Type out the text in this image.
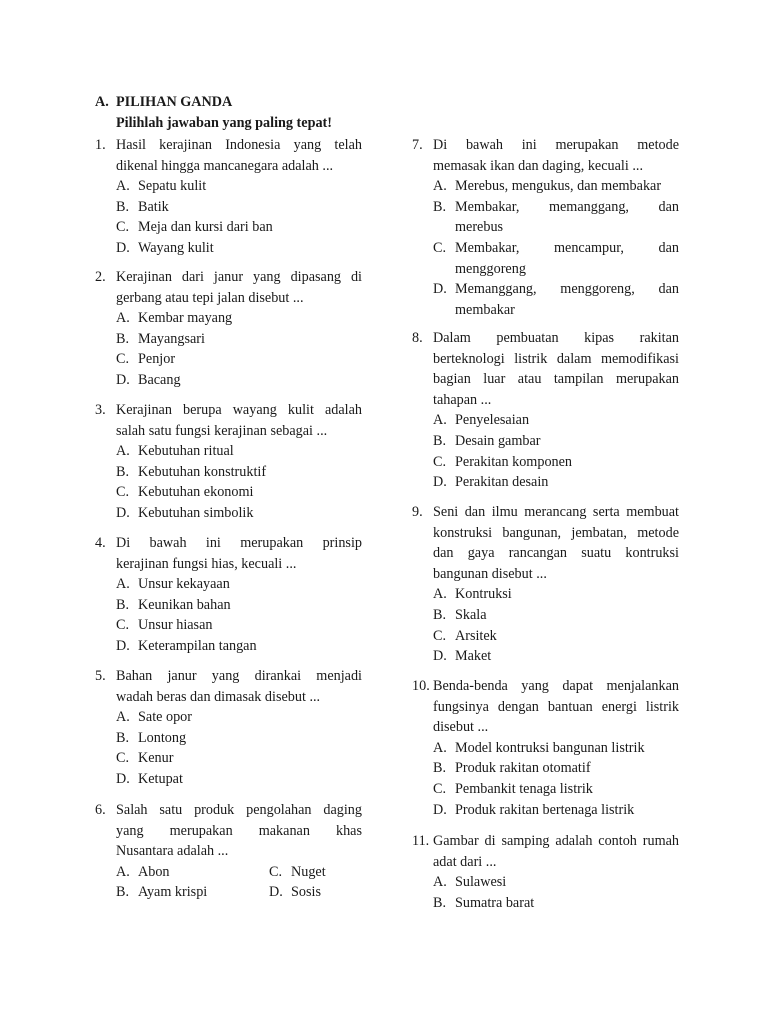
A. PILIHAN GANDA
Pilihlah jawaban yang paling tepat!
1. Hasil kerajinan Indonesia yang telah
dikenal hingga mancanegara adalah ...
A. Sepatu kulit
B. Batik
C. Meja dan kursi dari ban
D. Wayang kulit
2. Kerajinan dari janur yang dipasang di
gerbang atau tepi jalan disebut ...
A. Kembar mayang
B. Mayangsari
C. Penjor
D. Bacang
3. Kerajinan berupa wayang kulit adalah
salah satu fungsi kerajinan sebagai ...
A. Kebutuhan ritual
B. Kebutuhan konstruktif
C. Kebutuhan ekonomi
D. Kebutuhan simbolik
4. Di bawah ini merupakan prinsip
kerajinan fungsi hias, kecuali ...
A. Unsur kekayaan
B. Keunikan bahan
C. Unsur hiasan
D. Keterampilan tangan
5. Bahan janur yang dirankai menjadi
wadah beras dan dimasak disebut ...
A. Sate opor
B. Lontong
C. Kenur
D. Ketupat
6. Salah satu produk pengolahan daging
yang merupakan makanan khas
Nusantara adalah ...
A. Abon	C. Nuget
B. Ayam krispi	D. Sosis
7. Di bawah ini merupakan metode
memasak ikan dan daging, kecuali ...
A. Merebus, mengukus, dan membakar
B. Membakar, memanggang, dan
merebus
C. Membakar, mencampur, dan
menggoreng
D. Memanggang, menggoreng, dan
membakar
8. Dalam pembuatan kipas rakitan
berteknologi listrik dalam memodifikasi
bagian luar atau tampilan merupakan
tahapan ...
A. Penyelesaian
B. Desain gambar
C. Perakitan komponen
D. Perakitan desain
9. Seni dan ilmu merancang serta membuat
konstruksi bangunan, jembatan, metode
dan gaya rancangan suatu kontruksi
bangunan disebut ...
A. Kontruksi
B. Skala
C. Arsitek
D. Maket
10. Benda-benda yang dapat menjalankan
fungsinya dengan bantuan energi listrik
disebut ...
A. Model kontruksi bangunan listrik
B. Produk rakitan otomatif
C. Pembankit tenaga listrik
D. Produk rakitan bertenaga listrik
11. Gambar di samping adalah contoh rumah
adat dari ...
A. Sulawesi
B. Sumatra barat
